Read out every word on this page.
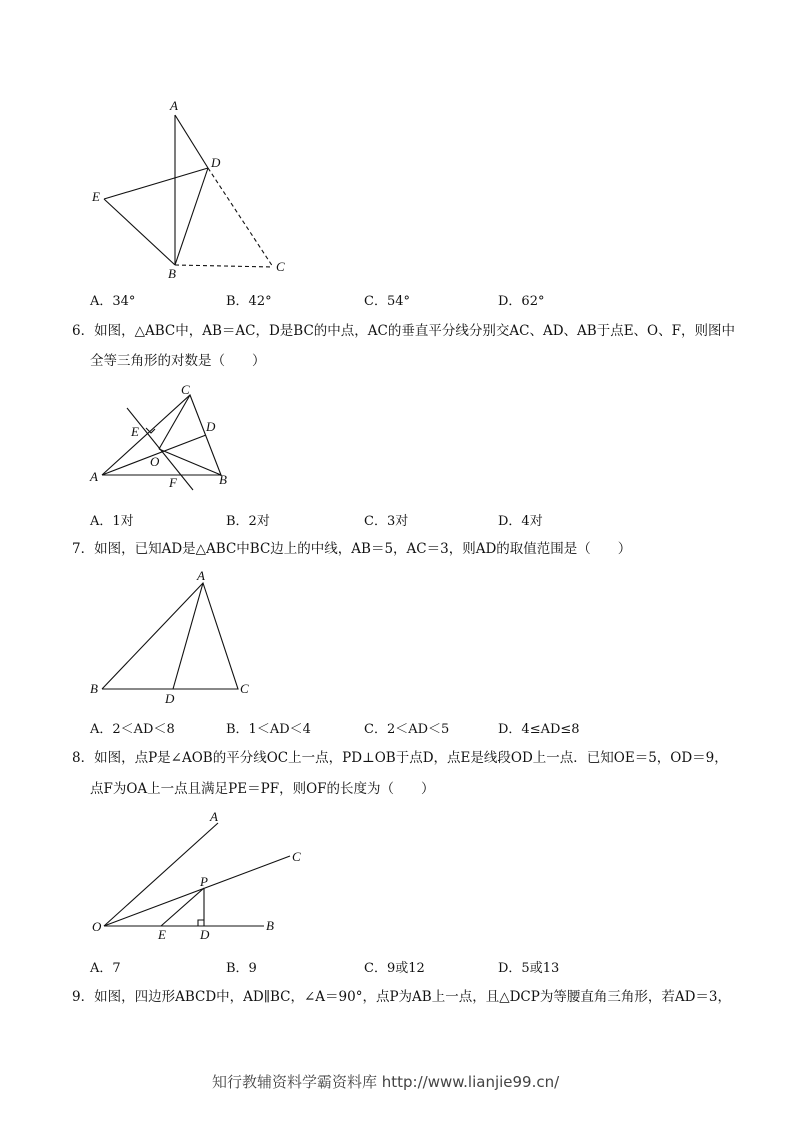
A
D
E
B	C
A．34°	B．42°	C．54°	D．62°
6．如图，△ABC中，AB＝AC，D是BC的中点，AC的垂直平分线分别交AC、AD、AB于点E、O、F，则图中
全等三角形的对数是（　　）
C
E	D
O
A	F	B
A．1对	B．2对	C．3对	D．4对
7．如图，已知AD是△ABC中BC边上的中线，AB＝5，AC＝3，则AD的取值范围是（　　）
A
B
D
C
A．2＜AD＜8	B．1＜AD＜4	C．2＜AD＜5	D．4≤AD≤8
8．如图，点P是∠AOB的平分线OC上一点，PD⊥OB于点D，点E是线段OD上一点．已知OE＝5，OD＝9，
点F为OA上一点且满足PE＝PF，则OF的长度为（　　）
A
C
P
O
E	D
B
A．7	B．9	C．9或12	D．5或13
9．如图，四边形ABCD中，AD∥BC，∠A＝90°，点P为AB上一点，且△DCP为等腰直角三角形，若AD＝3，
知行教辅资料学霸资料库 http://www.lianjie99.cn/
